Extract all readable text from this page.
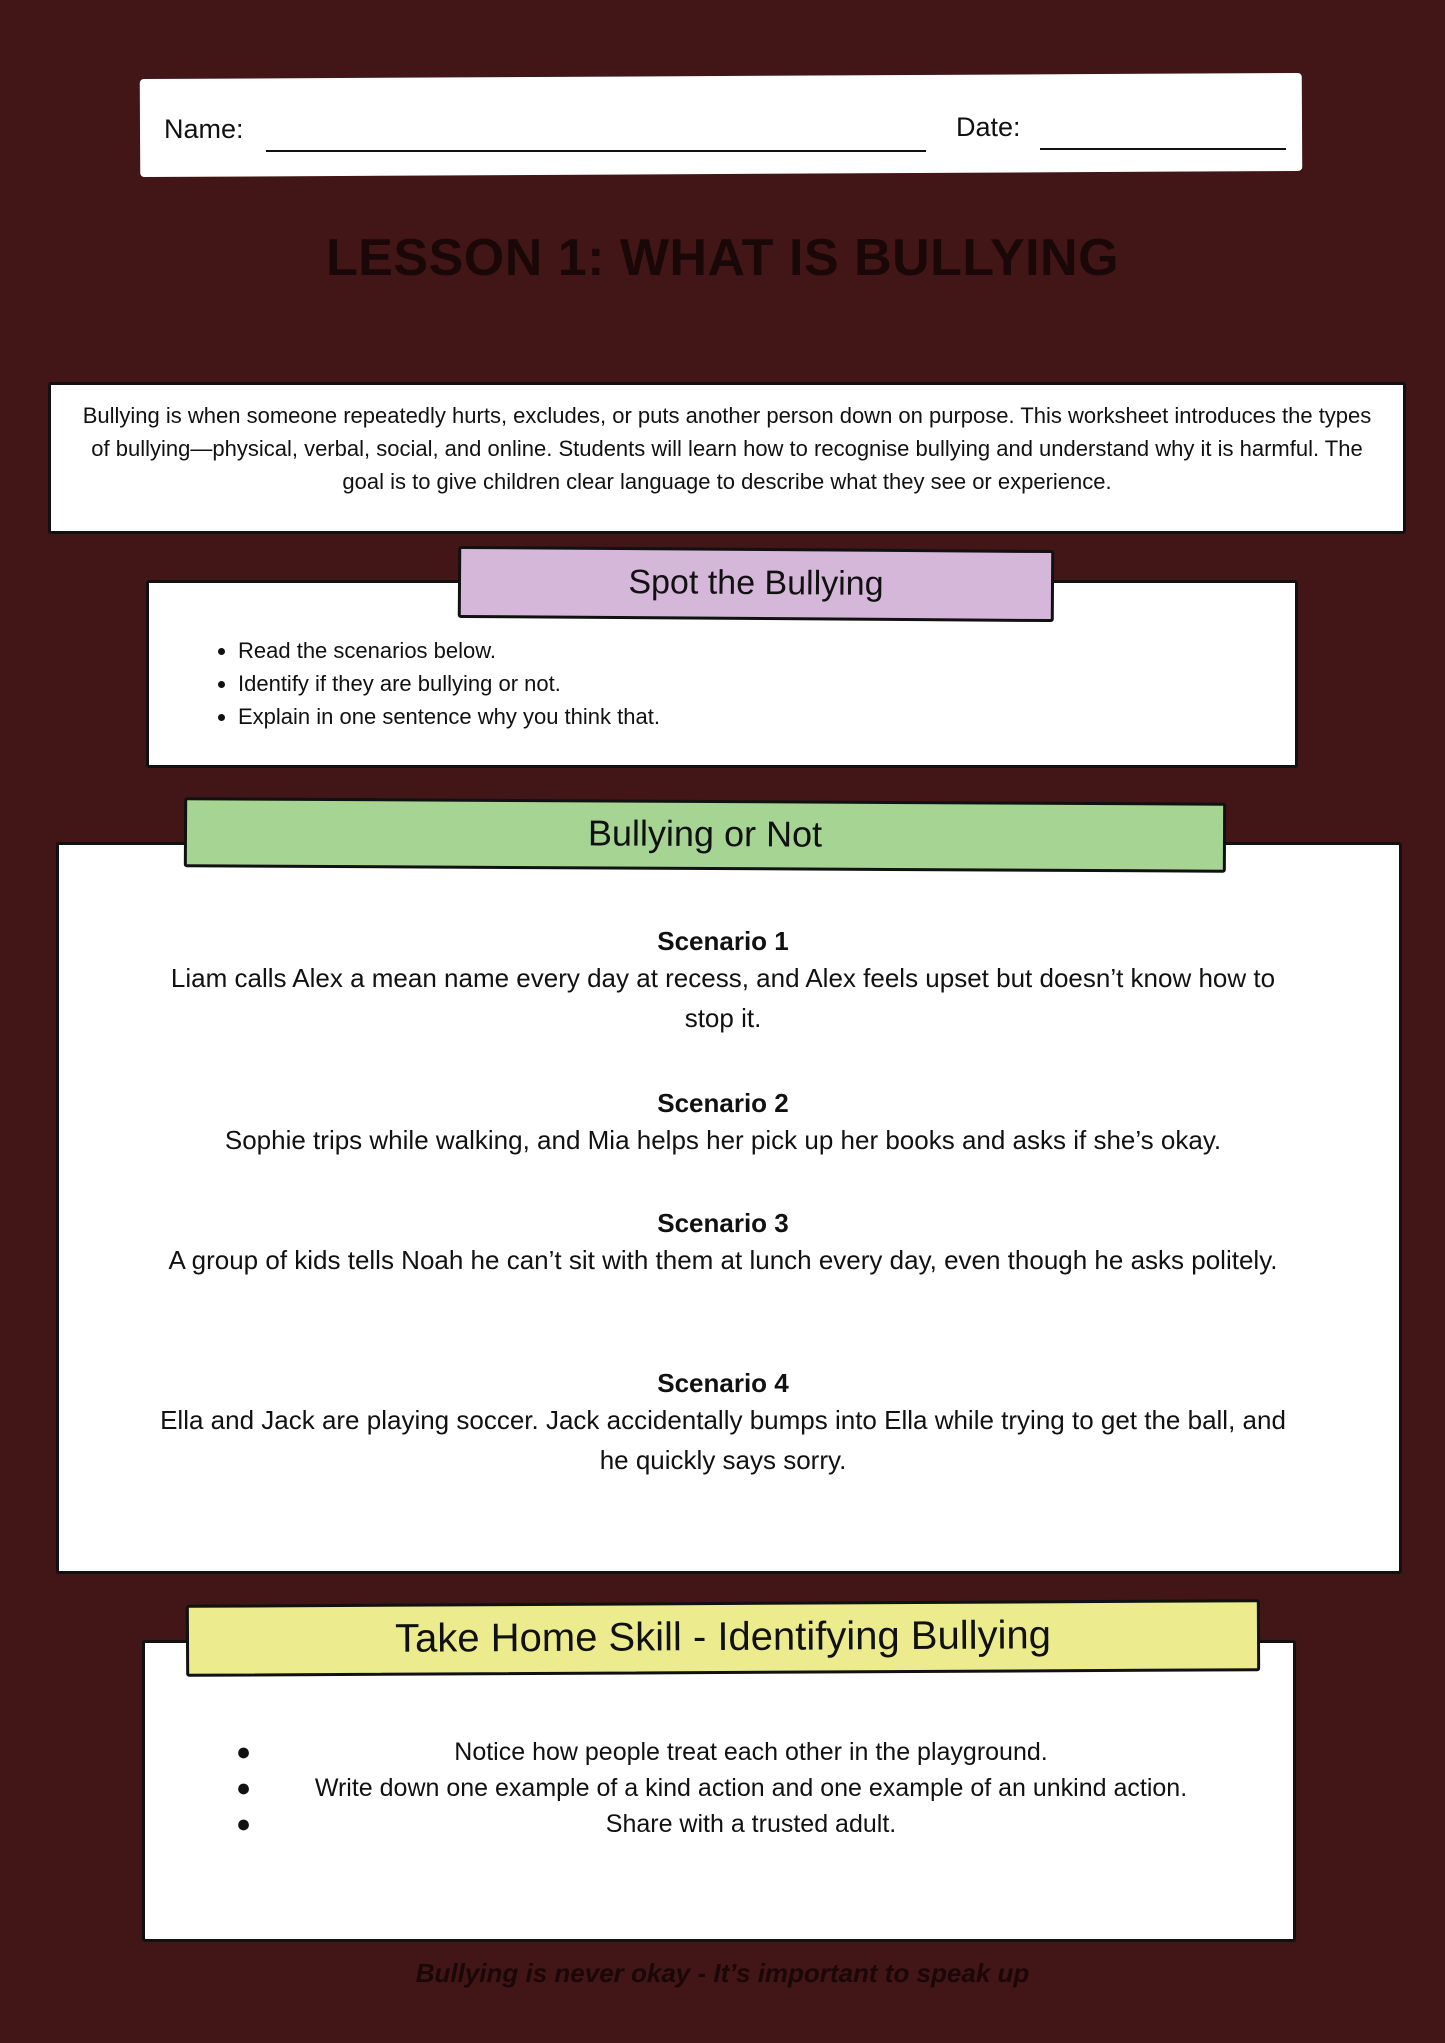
Name:	Date:
LESSON 1: WHAT IS BULLYING
Bullying is when someone repeatedly hurts, excludes, or puts another person down on purpose. This worksheet introduces the types of bullying—physical, verbal, social, and online. Students will learn how to recognise bullying and understand why it is harmful. The goal is to give children clear language to describe what they see or experience.
Spot the Bullying
• Read the scenarios below.
• Identify if they are bullying or not.
• Explain in one sentence why you think that.
Bullying or Not
Scenario 1
Liam calls Alex a mean name every day at recess, and Alex feels upset but doesn’t know how to stop it.
Scenario 2
Sophie trips while walking, and Mia helps her pick up her books and asks if she’s okay.
Scenario 3
A group of kids tells Noah he can’t sit with them at lunch every day, even though he asks politely.
Scenario 4
Ella and Jack are playing soccer. Jack accidentally bumps into Ella while trying to get the ball, and he quickly says sorry.
Take Home Skill - Identifying Bullying
●	Notice how people treat each other in the playground.
●	Write down one example of a kind action and one example of an unkind action.
●	Share with a trusted adult.
Bullying is never okay - It’s important to speak up
